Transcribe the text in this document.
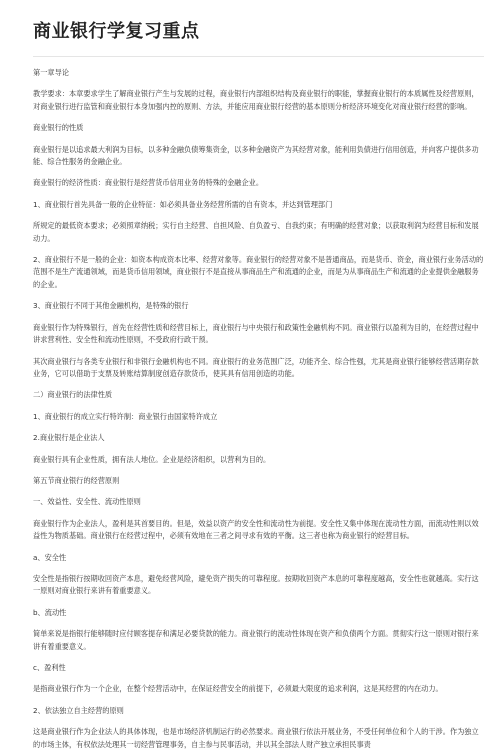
商业银行学复习重点

第一章导论

教学要求：本章要求学生了解商业银行产生与发展的过程，商业银行内部组织结构及商业银行的职能，掌握商业银行的本质属性及经营原则，对商业银行进行监管和商业银行本身加强内控的原则、方法，并能应用商业银行经营的基本原则分析经济环境变化对商业银行经营的影响。

商业银行的性质

商业银行是以追求最大利润为目标，以多种金融负债筹集资金，以多种金融资产为其经营对象，能利用负债进行信用创造，并向客户提供多功能、综合性服务的金融企业。

商业银行的经济性质：商业银行是经营货币信用业务的特殊的金融企业。

1、商业银行首先具备一般的企业特征：如必须具备业务经营所需的自有资本，并达到管理部门

所规定的最低资本要求；必须照章纳税；实行自主经营、自担风险、自负盈亏、自我约束；有明确的经营对象；以获取利润为经营目标和发展动力。

2、商业银行不是一般的企业：如资本构成资本比率、经营对象等。商业银行的经营对象不是普通商品，而是货币、资金，商业银行业务活动的范围不是生产流通领域，而是货币信用领域，商业银行不是直接从事商品生产和流通的企业，而是为从事商品生产和流通的企业提供金融服务的企业。

3、商业银行不同于其他金融机构，是特殊的银行

商业银行作为特殊银行，首先在经营性质和经营目标上，商业银行与中央银行和政策性金融机构不同。商业银行以盈利为目的，在经营过程中讲求营利性、安全性和流动性原则，不受政府行政干预。

其次商业银行与各类专业银行和非银行金融机构也不同。商业银行的业务范围广泛，功能齐全、综合性强，尤其是商业银行能够经营活期存款业务，它可以借助于支票及转账结算制度创造存款货币，使其具有信用创造的功能。

二）商业银行的法律性质

1、商业银行的成立实行特许制：商业银行由国家特许成立

2.商业银行是企业法人

商业银行具有企业性质，拥有法人地位。企业是经济组织，以营利为目的。

第五节商业银行的经营原则

一、效益性、安全性、流动性原则

商业银行作为企业法人，盈利是其首要目的。但是，效益以资产的安全性和流动性为前提。安全性又集中体现在流动性方面，而流动性则以效益性为物质基础。商业银行在经营过程中，必须有效地在三者之间寻求有效的平衡。这三者也称为商业银行的经营目标。

a、安全性

安全性是指银行按期收回资产本息，避免经营风险，避免资产损失的可靠程度。按期收回资产本息的可靠程度越高，安全性也就越高。实行这一原则对商业银行来讲有着重要意义。

b、流动性

简单来说是指银行能够随时应付顾客提存和满足必要贷款的能力。商业银行的流动性体现在资产和负债两个方面。贯彻实行这一原则对银行来讲有着重要意义。

c、盈利性

是指商业银行作为一个企业，在整个经营活动中，在保证经营安全的前提下，必须最大限度的追求利润，这是其经营的内在动力。

2、依法独立自主经营的原则

这是商业银行作为企业法人的具体体现，也是市场经济机制运行的必然要求。商业银行依法开展业务，不受任何单位和个人的干涉。作为独立的市场主体，有权依法处理其一切经营管理事务，自主参与民事活动，并以其全部法人财产独立承担民事责
